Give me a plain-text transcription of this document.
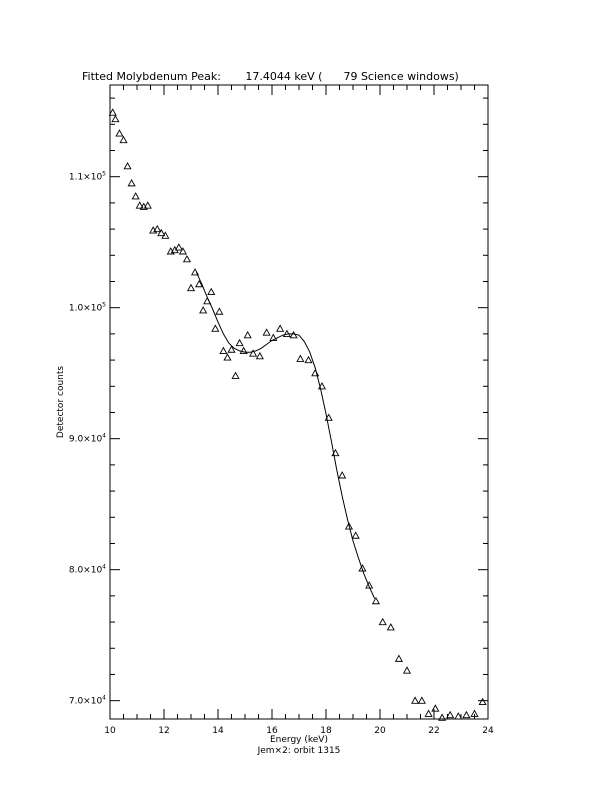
10	12	14	16	18	20	22	24
$7.0\times 10^4$
$8.0\times 10^4$
$9.0\times 10^4$
$1.0\times 10^5$
$1.1\times 10^5$
Fitted Molybdenum Peak:       17.4044 keV (      79 Science windows)
Energy (keV)
Jem×2: orbit 1315
Detector counts
